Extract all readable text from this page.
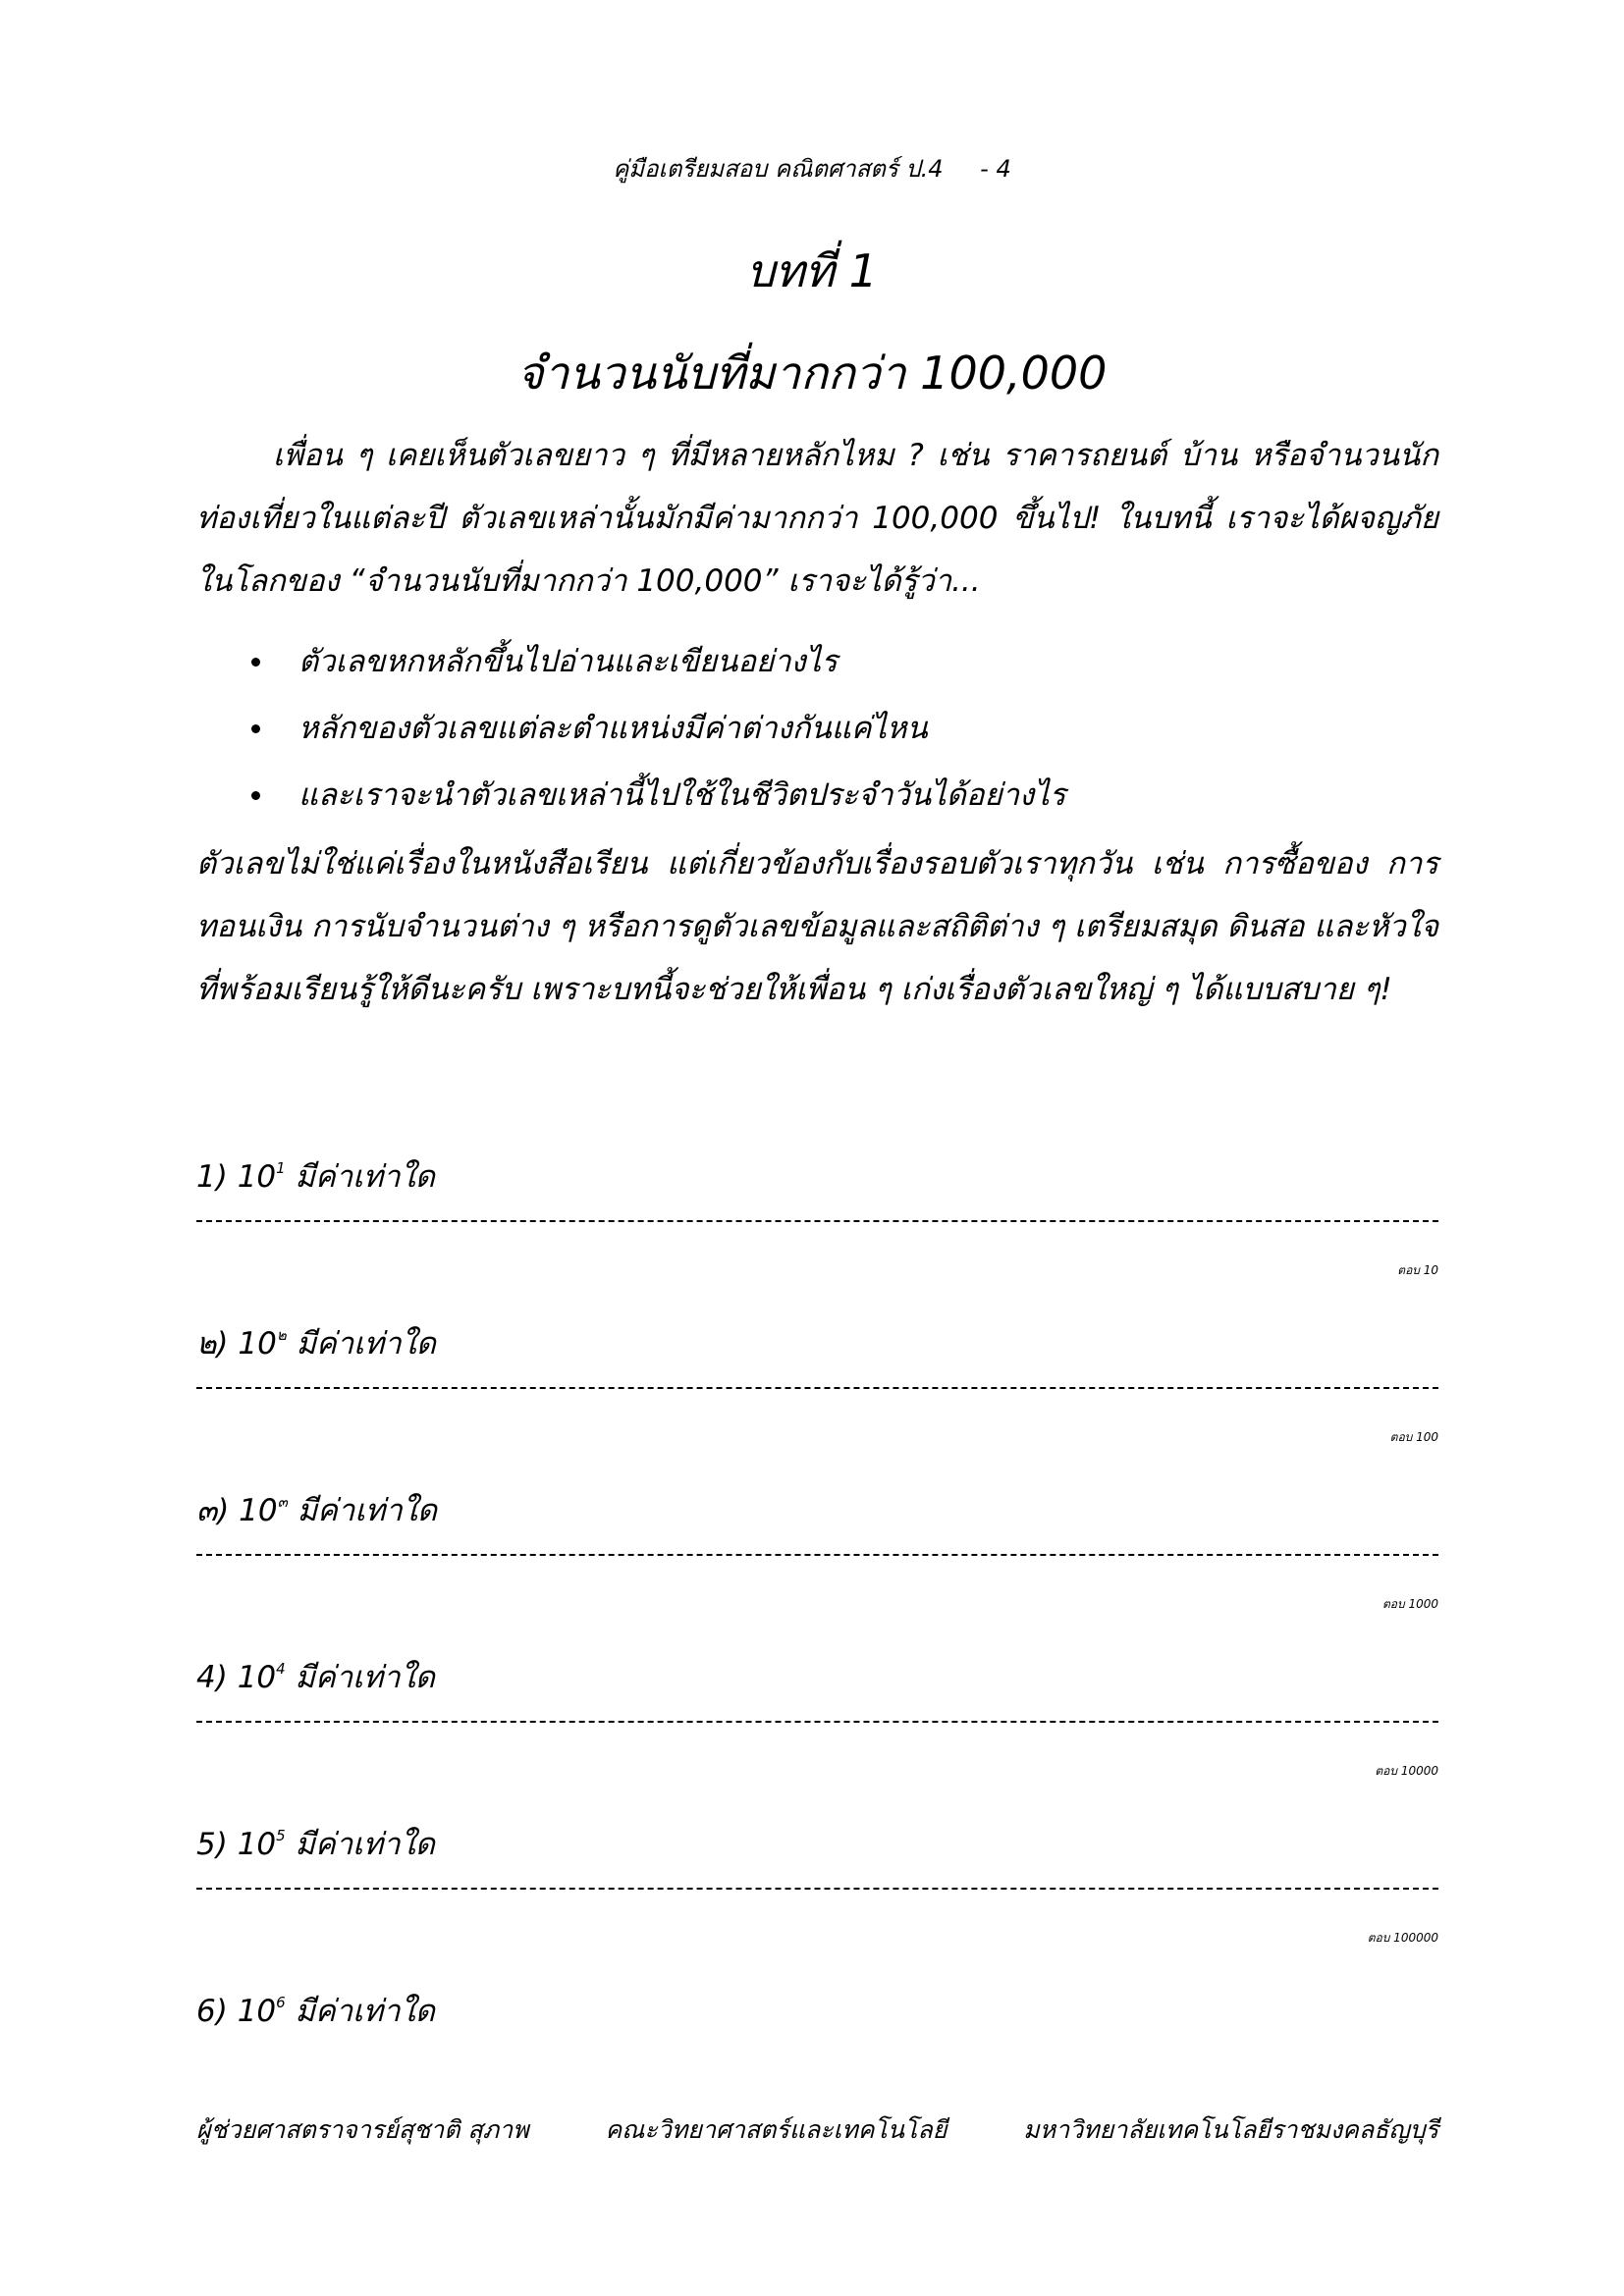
คู่มือเตรียมสอบ คณิตศาสตร์ ป.4 - 4
บทที่ 1
จำนวนนับที่มากกว่า 100,000
เพื่อน ๆ เคยเห็นตัวเลขยาว ๆ ที่มีหลายหลักไหม ? เช่น ราคารถยนต์ บ้าน หรือจำนวนนักท่องเที่ยวในแต่ละปี ตัวเลขเหล่านั้นมักมีค่ามากกว่า 100,000 ขึ้นไป! ในบทนี้ เราจะได้ผจญภัยในโลกของ “จำนวนนับที่มากกว่า 100,000” เราจะได้รู้ว่า...
ตัวเลขหกหลักขึ้นไปอ่านและเขียนอย่างไร
หลักของตัวเลขแต่ละตำแหน่งมีค่าต่างกันแค่ไหน
และเราจะนำตัวเลขเหล่านี้ไปใช้ในชีวิตประจำวันได้อย่างไร
ตัวเลขไม่ใช่แค่เรื่องในหนังสือเรียน แต่เกี่ยวข้องกับเรื่องรอบตัวเราทุกวัน เช่น การซื้อของ การทอนเงิน การนับจำนวนต่าง ๆ หรือการดูตัวเลขข้อมูลและสถิติต่าง ๆ เตรียมสมุด ดินสอ และหัวใจที่พร้อมเรียนรู้ให้ดีนะครับ เพราะบทนี้จะช่วยให้เพื่อน ๆ เก่งเรื่องตัวเลขใหญ่ ๆ ได้แบบสบาย ๆ!
1) $10^1$ มีค่าเท่าใด
ตอบ 10
๒) $10^๒$ มีค่าเท่าใด
ตอบ 100
๓) $10^๓$ มีค่าเท่าใด
ตอบ 1000
4) $10^4$ มีค่าเท่าใด
ตอบ 10000
5) $10^5$ มีค่าเท่าใด
ตอบ 100000
6) $10^6$ มีค่าเท่าใด
ผู้ช่วยศาสตราจารย์สุชาติ สุภาพ	คณะวิทยาศาสตร์และเทคโนโลยี	มหาวิทยาลัยเทคโนโลยีราชมงคลธัญบุรี
